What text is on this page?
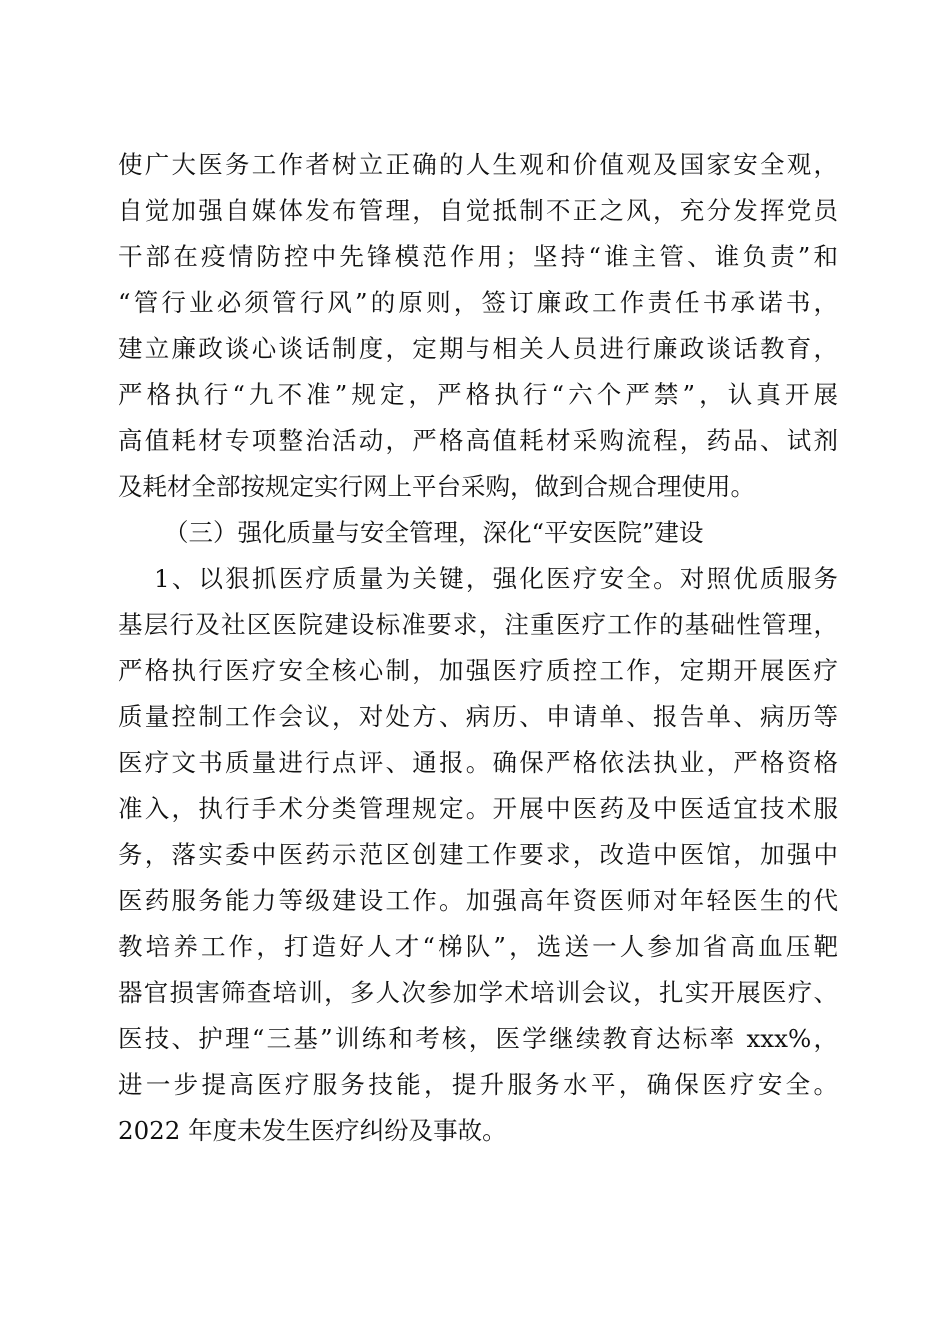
使广大医务工作者树立正确的人生观和价值观及国家安全观，
自觉加强自媒体发布管理，自觉抵制不正之风，充分发挥党员
干部在疫情防控中先锋模范作用；坚持“谁主管、谁负责”和
“管行业必须管行风”的原则，签订廉政工作责任书承诺书，
建立廉政谈心谈话制度，定期与相关人员进行廉政谈话教育，
严格执行“九不准”规定，严格执行“六个严禁”，认真开展
高值耗材专项整治活动，严格高值耗材采购流程，药品、试剂
及耗材全部按规定实行网上平台采购，做到合规合理使用。
（三）强化质量与安全管理，深化“平安医院”建设
1、以狠抓医疗质量为关键，强化医疗安全。对照优质服务
基层行及社区医院建设标准要求，注重医疗工作的基础性管理，
严格执行医疗安全核心制，加强医疗质控工作，定期开展医疗
质量控制工作会议，对处方、病历、申请单、报告单、病历等
医疗文书质量进行点评、通报。确保严格依法执业，严格资格
准入，执行手术分类管理规定。开展中医药及中医适宜技术服
务，落实委中医药示范区创建工作要求，改造中医馆，加强中
医药服务能力等级建设工作。加强高年资医师对年轻医生的代
教培养工作，打造好人才“梯队”，选送一人参加省高血压靶
器官损害筛查培训，多人次参加学术培训会议，扎实开展医疗、
医技、护理“三基”训练和考核，医学继续教育达标率 xxx%，
进一步提高医疗服务技能，提升服务水平，确保医疗安全。
2022 年度未发生医疗纠纷及事故。
